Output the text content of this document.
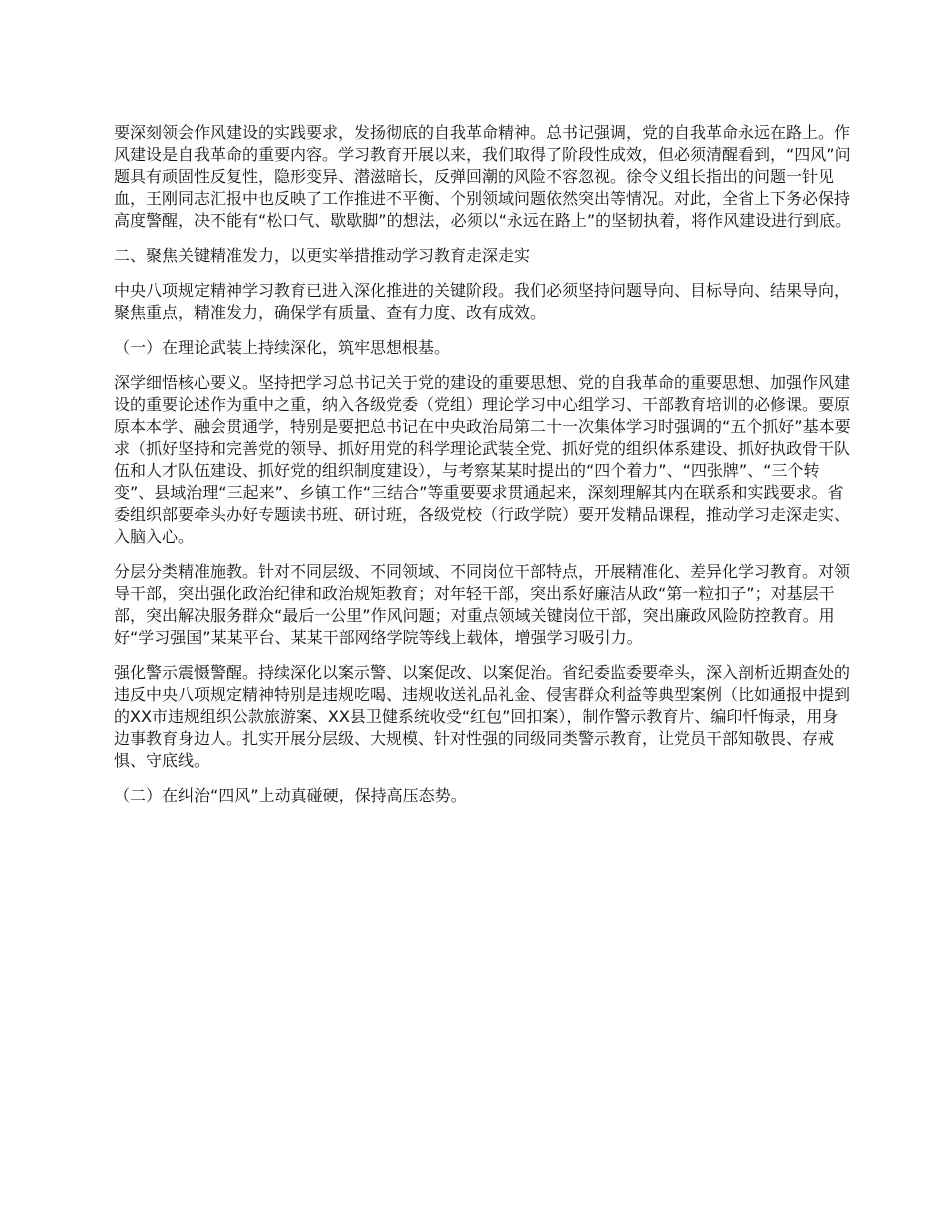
要深刻领会作风建设的实践要求，发扬彻底的自我革命精神。总书记强调，党的自我革命永远在路上。作风建设是自我革命的重要内容。学习教育开展以来，我们取得了阶段性成效，但必须清醒看到，“四风”问题具有顽固性反复性，隐形变异、潜滋暗长，反弹回潮的风险不容忽视。徐令义组长指出的问题一针见血，王刚同志汇报中也反映了工作推进不平衡、个别领域问题依然突出等情况。对此，全省上下务必保持高度警醒，决不能有“松口气、歇歇脚”的想法，必须以“永远在路上”的坚韧执着，将作风建设进行到底。

二、聚焦关键精准发力，以更实举措推动学习教育走深走实

中央八项规定精神学习教育已进入深化推进的关键阶段。我们必须坚持问题导向、目标导向、结果导向，聚焦重点，精准发力，确保学有质量、查有力度、改有成效。

（一）在理论武装上持续深化，筑牢思想根基。

深学细悟核心要义。坚持把学习总书记关于党的建设的重要思想、党的自我革命的重要思想、加强作风建设的重要论述作为重中之重，纳入各级党委（党组）理论学习中心组学习、干部教育培训的必修课。要原原本本学、融会贯通学，特别是要把总书记在中央政治局第二十一次集体学习时强调的“五个抓好”基本要求（抓好坚持和完善党的领导、抓好用党的科学理论武装全党、抓好党的组织体系建设、抓好执政骨干队伍和人才队伍建设、抓好党的组织制度建设），与考察某某时提出的“四个着力”、“四张牌”、“三个转变”、县域治理“三起来”、乡镇工作“三结合”等重要要求贯通起来，深刻理解其内在联系和实践要求。省委组织部要牵头办好专题读书班、研讨班，各级党校（行政学院）要开发精品课程，推动学习走深走实、入脑入心。

分层分类精准施教。针对不同层级、不同领域、不同岗位干部特点，开展精准化、差异化学习教育。对领导干部，突出强化政治纪律和政治规矩教育；对年轻干部，突出系好廉洁从政“第一粒扣子”；对基层干部，突出解决服务群众“最后一公里”作风问题；对重点领域关键岗位干部，突出廉政风险防控教育。用好“学习强国”某某平台、某某干部网络学院等线上载体，增强学习吸引力。

强化警示震慑警醒。持续深化以案示警、以案促改、以案促治。省纪委监委要牵头，深入剖析近期查处的违反中央八项规定精神特别是违规吃喝、违规收送礼品礼金、侵害群众利益等典型案例（比如通报中提到的XX市违规组织公款旅游案、XX县卫健系统收受“红包”回扣案），制作警示教育片、编印忏悔录，用身边事教育身边人。扎实开展分层级、大规模、针对性强的同级同类警示教育，让党员干部知敬畏、存戒惧、守底线。

（二）在纠治“四风”上动真碰硬，保持高压态势。
